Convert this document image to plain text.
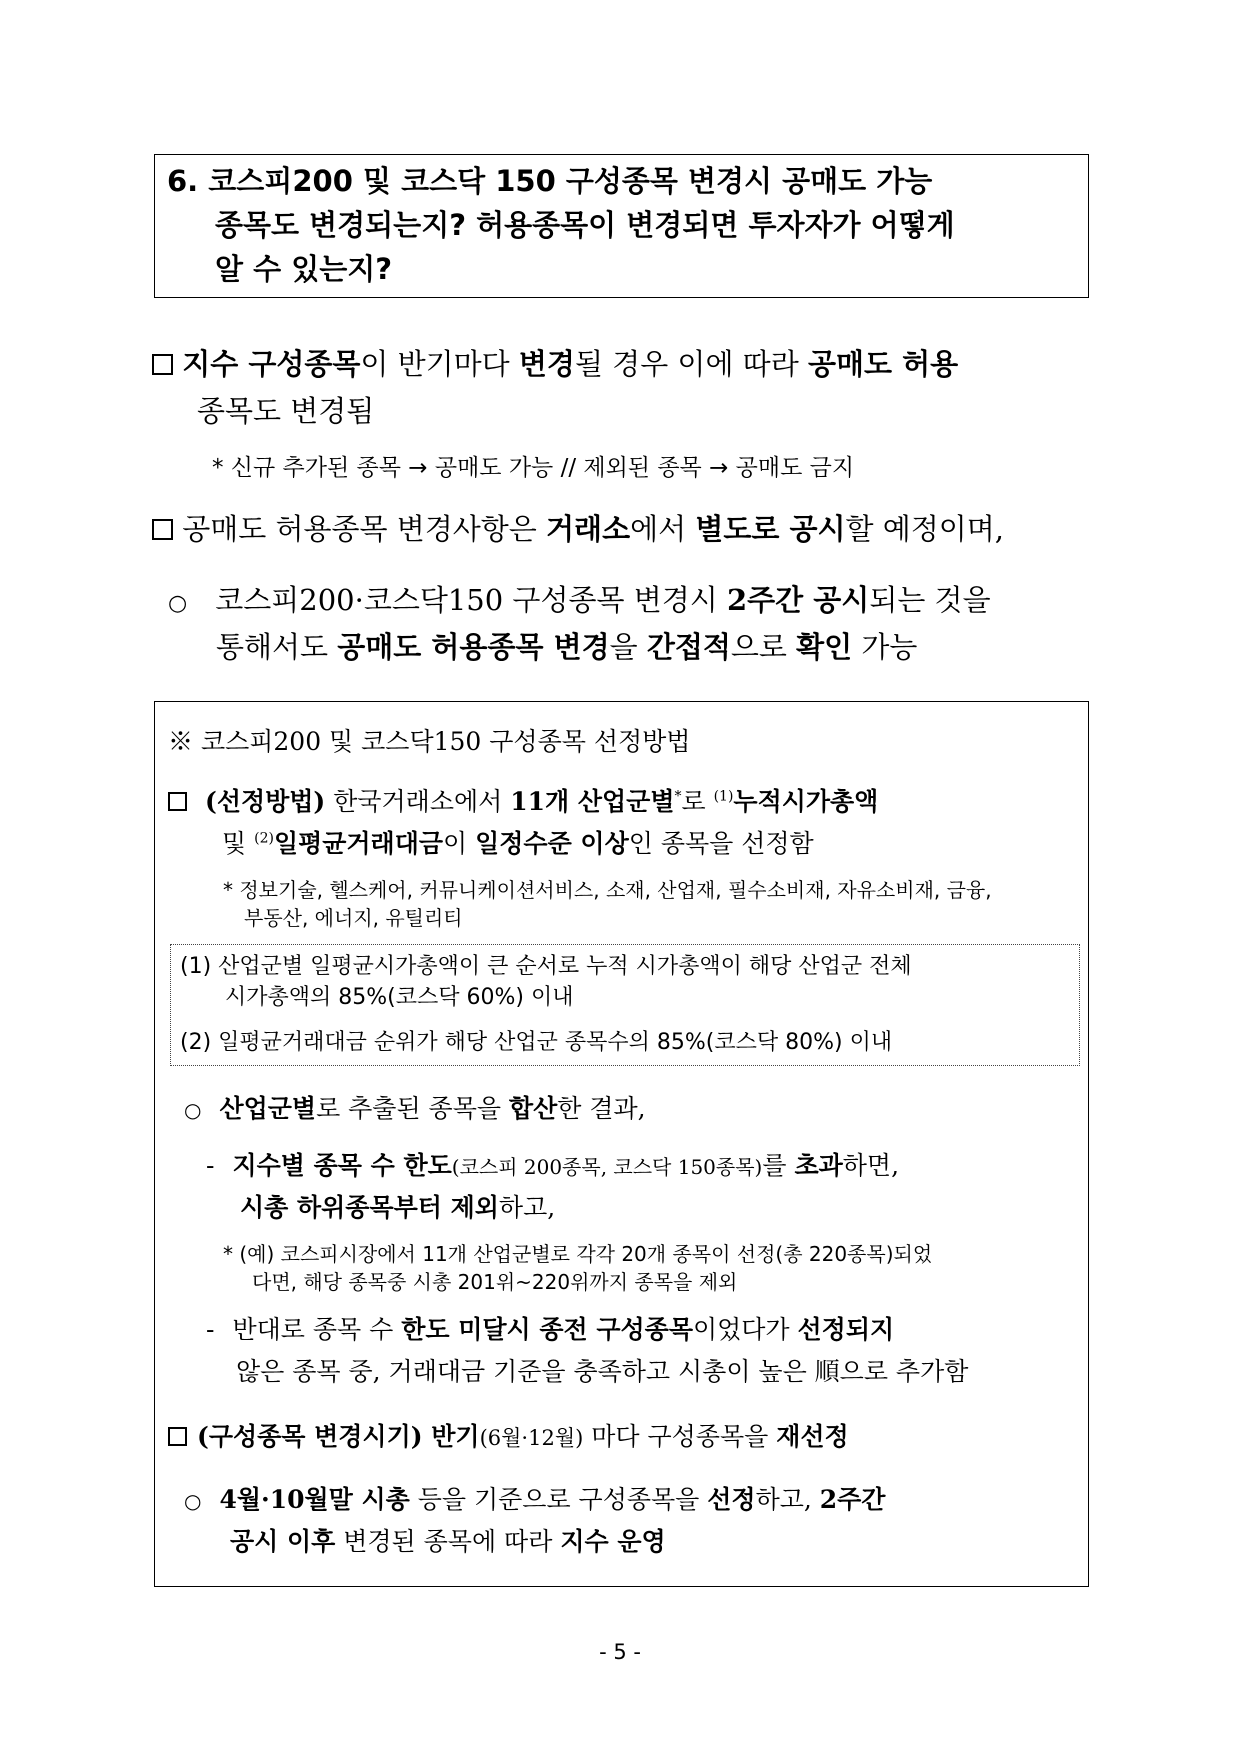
6. 코스피200 및 코스닥 150 구성종목 변경시 공매도 가능
종목도 변경되는지? 허용종목이 변경되면 투자자가 어떻게
알 수 있는지?
지수 구성종목이 반기마다 변경될 경우 이에 따라 공매도 허용
종목도 변경됨
* 신규 추가된 종목 → 공매도 가능 // 제외된 종목 → 공매도 금지
공매도 허용종목 변경사항은 거래소에서 별도로 공시할 예정이며,
○ 코스피200·코스닥150 구성종목 변경시 2주간 공시되는 것을
통해서도 공매도 허용종목 변경을 간접적으로 확인 가능
※ 코스피200 및 코스닥150 구성종목 선정방법
(선정방법) 한국거래소에서 11개 산업군별*로 $^{(1)}$누적시가총액
및 $^{(2)}$일평균거래대금이 일정수준 이상인 종목을 선정함
* 정보기술, 헬스케어, 커뮤니케이션서비스, 소재, 산업재, 필수소비재, 자유소비재, 금융,
부동산, 에너지, 유틸리티
(1) 산업군별 일평균시가총액이 큰 순서로 누적 시가총액이 해당 산업군 전체
시가총액의 85%(코스닥 60%) 이내
(2) 일평균거래대금 순위가 해당 산업군 종목수의 85%(코스닥 80%) 이내
○ 산업군별로 추출된 종목을 합산한 결과,
- 지수별 종목 수 한도(코스피 200종목, 코스닥 150종목)를 초과하면,
시총 하위종목부터 제외하고,
* (예) 코스피시장에서 11개 산업군별로 각각 20개 종목이 선정(총 220종목)되었
다면, 해당 종목중 시총 201위~220위까지 종목을 제외
- 반대로 종목 수 한도 미달시 종전 구성종목이었다가 선정되지
않은 종목 중, 거래대금 기준을 충족하고 시총이 높은 順으로 추가함
(구성종목 변경시기) 반기(6월·12월) 마다 구성종목을 재선정
○ 4월·10월말 시총 등을 기준으로 구성종목을 선정하고, 2주간
공시 이후 변경된 종목에 따라 지수 운영
- 5 -
